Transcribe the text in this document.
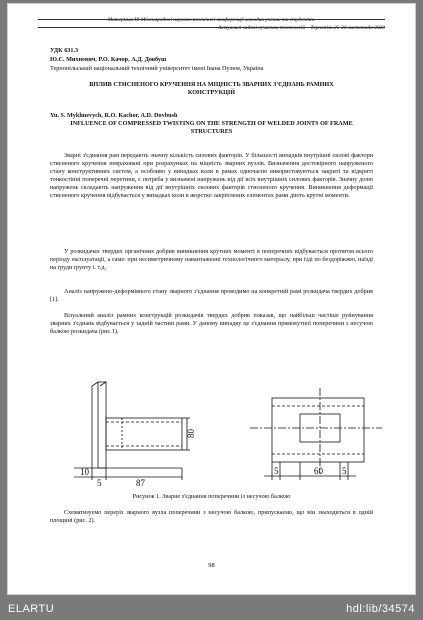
Матеріали IX Міжнародної науково-технічної конференції молодих учених та студентів.

Актуальні задачі сучасних технологій – Тернопіль 25-26 листопада 2020

УДК 631.3

Ю.С. Михневич, Р.О. Качор, А.Д. Довбуш

Тернопільський національний технічний університет імені Івана Пулюя, Україна

ВПЛИВ СТИСНЕНОГО КРУЧЕННЯ НА МІЦНІСТЬ ЗВАРНИХ З'ЄДНАНЬ РАМНИХ КОНСТРУКЦІЙ

Yu. S. Mykhnevych, R.O. Kachor, A.D. Dovbush

INFLUENCE OF COMPRESSED TWISTING ON THE STRENGTH OF WELDED JOINTS OF FRAME STRUCTURES

Зварні з'єднання рам передають значну кількість силових факторів. У більшості випадків внутрішні силові фактори стисненого кручення невраховані при розрахунках на міцність зварних вузлів. Визначення достовірного напруженого стану конструктивних систем, а особливо у випадках коли в рамах одночасно використовуються закриті та відкриті тонкостінні поперечні перетини, є потреба у визначені напружень від дії всіх внутрішніх силових факторів. Значну долю напружень складають напруження від дії внутрішніх силових факторів стисненого кручення. Виникнення деформації стисненого кручення відбувається у випадках коли в жорстко закріплених елементах рами діють крутні моменти.

У розкидачах твердих органічних добрив виникнення крутних моменті в поперечних відбувається протягом всього періоду експлуатації, а саме: при несиметричному навантаженні технологічного матеріалу, при їзді по бездоріжжю, наїзді на груди ґрунту і. т.д.

Аналіз напружено-деформівного стану зварного з'єднання проводимо на конкретній рамі розкидача твердих добрив [1].

Візуальний аналіз рамних конструкцій розкидачів твердих добрив показав, що найбільш частіше руйнування зварних з'єднань відбувається у задній частині рами. У даному випадку це з'єднання прямокутної поперечини з несучою балкою розкидача (рис.1).

80
10
5	87
5	60 5

Рисунок 1. Зварне з'єднання поперечини із несучою балкою

Схематизуємо переріз зварного вузла поперечини з несучою балкою, припускаємо, що він знаходиться в одній площині (рис. 2).

98
ELARTU	hdl:lib/34574
